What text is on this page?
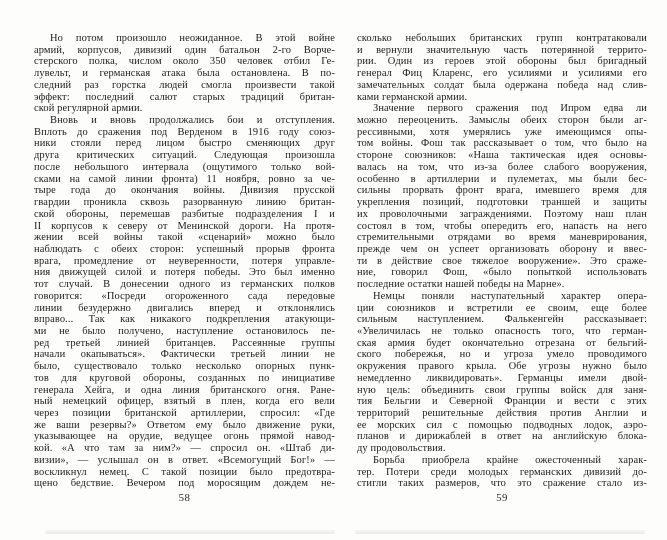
Но потом произошло неожиданное. В этой войне
армий, корпусов, дивизий один батальон 2-го Ворче-
стерского полка, числом около 350 человек отбил Ге-
лувельт, и германская атака была остановлена. В по-
следний раз горстка людей смогла произвести такой
эффект: последний салют старых традиций британ-
ской регулярной армии.
Вновь и вновь продолжались бои и отступления.
Вплоть до сражения под Верденом в 1916 году союз-
ники стояли перед лицом быстро сменяющих друг
друга критических ситуаций. Следующая произошла
после небольшого интервала (ощутимого только вой-
сками на самой линии фронта) 11 ноября, ровно за че-
тыре года до окончания войны. Дивизия прусской
гвардии проникла сквозь разорванную линию британ-
ской обороны, перемешав разбитые подразделения I и
II корпусов к северу от Менинской дороги. На протя-
жении всей войны такой «сценарий» можно было
наблюдать с обеих сторон: успешный прорыв фронта
врага, промедление от неуверенности, потеря управле-
ния движущей силой и потеря победы. Это был именно
тот случай. В донесении одного из германских полков
говорится: «Посреди огороженного сада передовые
линии безудержно двигались вперед и отклонялись
вправо... Так как никакого подкрепления атакующи-
ми не было получено, наступление остановилось пе-
ред третьей линией британцев. Рассеянные группы
начали окапываться». Фактически третьей линии не
было, существовало только несколько опорных пунк-
тов для круговой обороны, созданных по инициативе
генерала Хейга, и одна линия британского огня. Ране-
ный немецкий офицер, взятый в плен, когда его вели
через позиции британской артиллерии, спросил: «Где
же ваши резервы?» Ответом ему было движение руки,
указывающее на орудие, ведущее огонь прямой навод-
кой. «А что там за ним?» — спросил он. «Штаб ди-
визии», — услышал он в ответ. «Всемогущий Бог!» —
воскликнул немец. С такой позиции было предотвра-
щено бедствие. Вечером под моросящим дождем не-
58
сколько небольших британских групп контратаковали
и вернули значительную часть потерянной террито-
рии. Один из героев этой обороны был бригадный
генерал Фиц Кларенс, его усилиями и усилиями его
замечательных солдат была одержана победа над слив-
ками германской армии.
Значение первого сражения под Ипром едва ли
можно переоценить. Замыслы обеих сторон были аг-
рессивными, хотя умерялись уже имеющимся опы-
том войны. Фош так рассказывает о том, что было на
стороне союзников: «Наша тактическая идея основы-
валась на том, что из-за более слабого вооружения,
особенно в артиллерии и пулеметах, мы были бес-
сильны прорвать фронт врага, имевшего время для
укрепления позиций, подготовки траншей и защиты
их проволочными заграждениями. Поэтому наш план
состоял в том, чтобы опередить его, напасть на него
стремительными отрядами во время маневрирования,
прежде чем он успеет организовать оборону и ввес-
ти в действие свое тяжелое вооружение». Это сраже-
ние, говорил Фош, «было попыткой использовать
последние остатки нашей победы на Марне».
Немцы поняли наступательный характер опера-
ции союзников и встретили ее своим, еще более
сильным наступлением. Фалькенгейн рассказывает:
«Увеличилась не только опасность того, что герман-
ская армия будет окончательно отрезана от бельгий-
ского побережья, но и угроза умело проводимого
окружения правого крыла. Обе угрозы нужно было
немедленно ликвидировать». Германцы имели двой-
ную цель: объединить свои группы войск для заня-
тия Бельгии и Северной Франции и вести с этих
территорий решительные действия против Англии и
ее морских сил с помощью подводных лодок, аэро-
планов и дирижаблей в ответ на английскую блока-
ду продовольствия.
Борьба приобрела крайне ожесточенный харак-
тер. Потери среди молодых германских дивизий до-
стигли таких размеров, что это сражение стало из-
59
